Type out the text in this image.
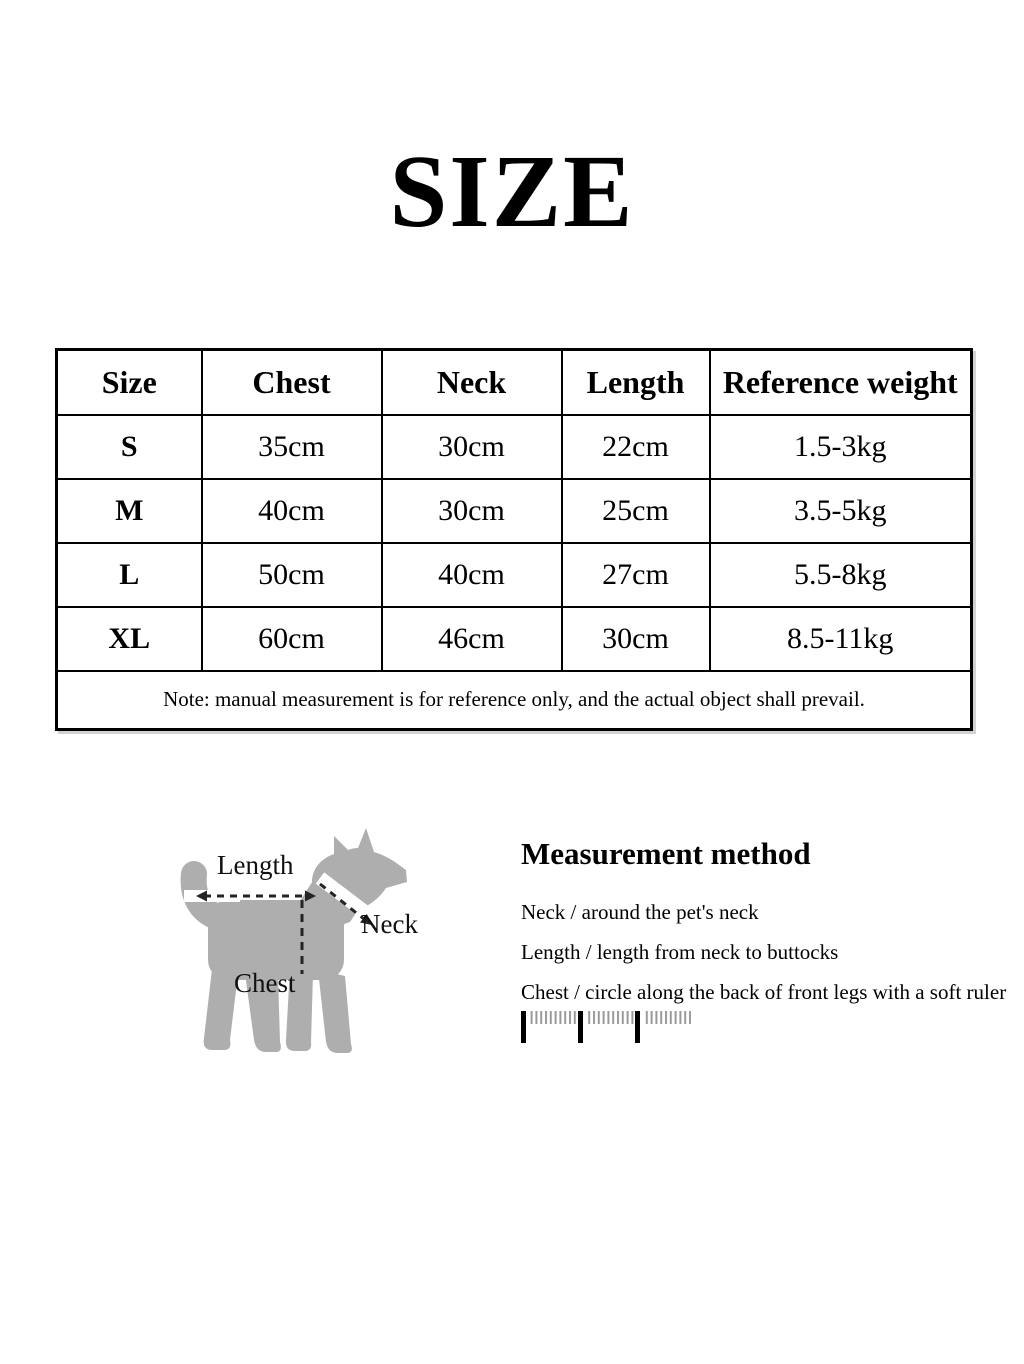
SIZE
Size	Chest	Neck	Length	Reference weight
S	35cm	30cm	22cm	1.5-3kg
M	40cm	30cm	25cm	3.5-5kg
L	50cm	40cm	27cm	5.5-8kg
XL	60cm	46cm	30cm	8.5-11kg
Note: manual measurement is for reference only, and the actual object shall prevail.				
Length
Neck
Chest
Measurement method
Neck / around the pet's neck
Length / length from neck to buttocks
Chest / circle along the back of front legs with a soft ruler
